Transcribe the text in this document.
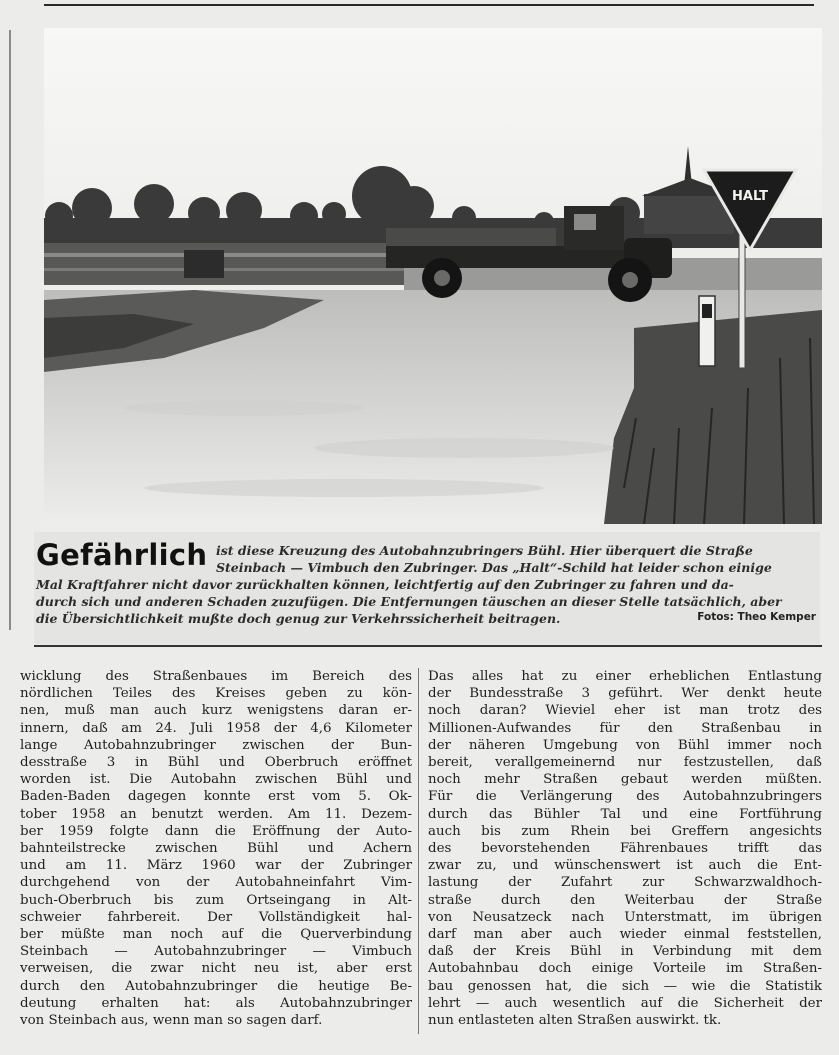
HALT
Gefährlich ist diese Kreuzung des Autobahnzubringers Bühl. Hier überquert die Straße
Steinbach — Vimbuch den Zubringer. Das „Halt“-Schild hat leider schon einige

Mal Kraftfahrer nicht davor zurückhalten können, leichtfertig auf den Zubringer zu fahren und da-
durch sich und anderen Schaden zuzufügen. Die Entfernungen täuschen an dieser Stelle tatsächlich, aber
die Übersichtlichkeit mußte doch genug zur Verkehrssicherheit beitragen.	Fotos: Theo Kemper
wicklung des Straßenbaues im Bereich des
nördlichen Teiles des Kreises geben zu kön-
nen, muß man auch kurz wenigstens daran er-
innern, daß am 24. Juli 1958 der 4,6 Kilometer
lange Autobahnzubringer zwischen der Bun-
desstraße 3 in Bühl und Oberbruch eröffnet
worden ist. Die Autobahn zwischen Bühl und
Baden-Baden dagegen konnte erst vom 5. Ok-
tober 1958 an benutzt werden. Am 11. Dezem-
ber 1959 folgte dann die Eröffnung der Auto-
bahnteilstrecke zwischen Bühl und Achern
und am 11. März 1960 war der Zubringer
durchgehend von der Autobahneinfahrt Vim-
buch-Oberbruch bis zum Ortseingang in Alt-
schweier fahrbereit. Der Vollständigkeit hal-
ber müßte man noch auf die Querverbindung
Steinbach — Autobahnzubringer — Vimbuch
verweisen, die zwar nicht neu ist, aber erst
durch den Autobahnzubringer die heutige Be-
deutung erhalten hat: als Autobahnzubringer
von Steinbach aus, wenn man so sagen darf.
Das alles hat zu einer erheblichen Entlastung
der Bundesstraße 3 geführt. Wer denkt heute
noch daran? Wieviel eher ist man trotz des
Millionen-Aufwandes für den Straßenbau in
der näheren Umgebung von Bühl immer noch
bereit, verallgemeinernd nur festzustellen, daß
noch mehr Straßen gebaut werden müßten.
Für die Verlängerung des Autobahnzubringers
durch das Bühler Tal und eine Fortführung
auch bis zum Rhein bei Greffern angesichts
des bevorstehenden Fährenbaues trifft das
zwar zu, und wünschenswert ist auch die Ent-
lastung der Zufahrt zur Schwarzwaldhoch-
straße durch den Weiterbau der Straße
von Neusatzeck nach Unterstmatt, im übrigen
darf man aber auch wieder einmal feststellen,
daß der Kreis Bühl in Verbindung mit dem
Autobahnbau doch einige Vorteile im Straßen-
bau genossen hat, die sich — wie die Statistik
lehrt — auch wesentlich auf die Sicherheit der
nun entlasteten alten Straßen auswirkt. tk.
